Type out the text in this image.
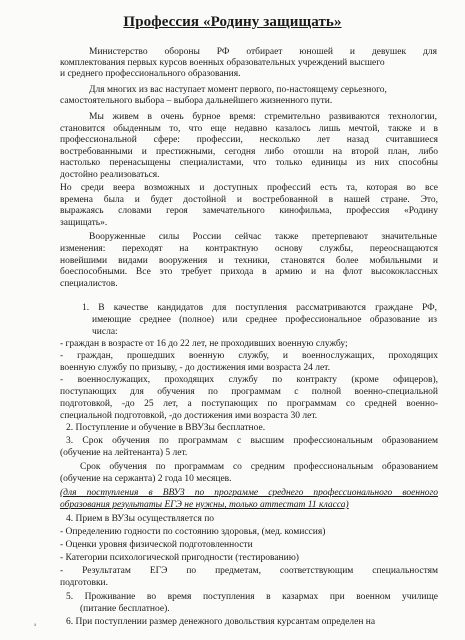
Профессия «Родину защищать»
Министерство обороны РФ отбирает юношей и девушек для
комплектования первых курсов военных образовательных учреждений высшего
и среднего профессионального образования.
Для многих из вас наступает момент первого, по-настоящему серьезного,
самостоятельного выбора – выбора дальнейшего жизненного пути.
Мы живем в очень бурное время: стремительно развиваются технологии,
становится обыденным то, что еще недавно казалось лишь мечтой, также и в
профессиональной сфере: профессии, несколько лет назад считавшиеся
востребованными и престижными, сегодня либо отошли на второй план, либо
настолько перенасыщены специалистами, что только единицы из них способны
достойно реализоваться.
Но среди веера возможных и доступных профессий есть та, которая во все
времена была и будет достойной и востребованной в нашей стране. Это,
выражаясь словами героя замечательного кинофильма, профессия «Родину
защищать».
Вооруженные силы России сейчас также претерпевают значительные
изменения: переходят на контрактную основу службы, переоснащаются
новейшими видами вооружения и техники, становятся более мобильными и
боеспособными. Все это требует прихода в армию и на флот высококлассных
специалистов.
1. В качестве кандидатов для поступления рассматриваются граждане РФ,
имеющие среднее (полное) или среднее профессиональное образование из
числа:
- граждан в возрасте от 16 до 22 лет, не проходивших военную службу;
- граждан, прошедших военную службу, и военнослужащих, проходящих
военную службу по призыву, - до достижения ими возраста 24 лет.
- военнослужащих, проходящих службу по контракту (кроме офицеров),
поступающих для обучения по программам с полной военно-специальной
подготовкой, -до 25 лет, а поступающих по программам со средней военно-
специальной подготовкой, -до достижения ими возраста 30 лет.
2. Поступление и обучение в ВВУЗы бесплатное.
3. Срок обучения по программам с высшим профессиональным образованием
(обучение на лейтенанта) 5 лет.
Срок обучения по программам со средним профессиональным образованием
(обучение на сержанта) 2 года 10 месяцев.
(для поступления в ВВУЗ по программе среднего профессионального военного
образования результаты ЕГЭ не нужны, только аттестат 11 класса)
4. Прием в ВУЗы осуществляется по
- Определению годности по состоянию здоровья, (мед. комиссия)
- Оценки уровня физической подготовленности
- Категории психологической пригодности (тестированию)
- Результатам ЕГЭ по предметам, соответствующим специальностям
подготовки.
5. Проживание во время поступления в казармах при военном училище
(питание бесплатное).
6. При поступлении размер денежного довольствия курсантам определен на
ª
